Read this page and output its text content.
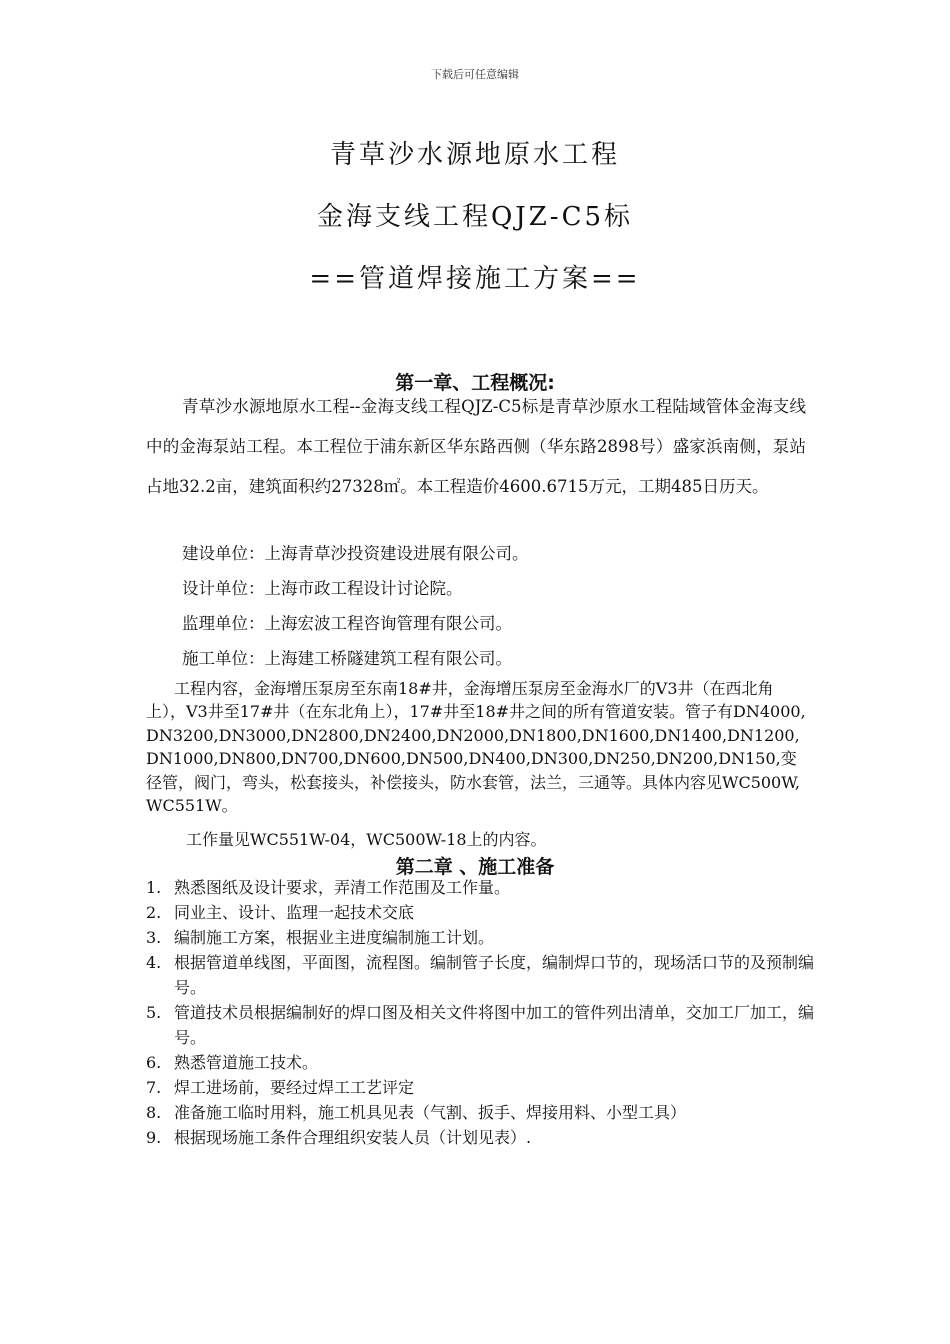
下载后可任意编辑
青草沙水源地原水工程
金海支线工程QJZ-C5标
==管道焊接施工方案==
第一章、工程概况:
青草沙水源地原水工程--金海支线工程QJZ-C5标是青草沙原水工程陆域管体金海支线中的金海泵站工程。本工程位于浦东新区华东路西侧（华东路2898号）盛家浜南侧，泵站占地32.2亩，建筑面积约27328㎡。本工程造价4600.6715万元，工期485日历天。
建设单位：上海青草沙投资建设进展有限公司。
设计单位：上海市政工程设计讨论院。
监理单位：上海宏波工程咨询管理有限公司。
施工单位：上海建工桥隧建筑工程有限公司。
工程内容，金海增压泵房至东南18#井，金海增压泵房至金海水厂的V3井（在西北角上），V3井至17#井（在东北角上），17#井至18#井之间的所有管道安装。管子有DN4000,DN3200,DN3000,DN2800,DN2400,DN2000,DN1800,DN1600,DN1400,DN1200,DN1000,DN800,DN700,DN600,DN500,DN400,DN300,DN250,DN200,DN150,变径管，阀门，弯头，松套接头，补偿接头，防水套管，法兰，三通等。具体内容见WC500W,WC551W。
工作量见WC551W-04，WC500W-18上的内容。
第二章 、施工准备
1. 熟悉图纸及设计要求，弄清工作范围及工作量。
2. 同业主、设计、监理一起技术交底
3. 编制施工方案，根据业主进度编制施工计划。
4. 根据管道单线图，平面图，流程图。编制管子长度，编制焊口节的，现场活口节的及预制编号。
5. 管道技术员根据编制好的焊口图及相关文件将图中加工的管件列出清单，交加工厂加工，编号。
6. 熟悉管道施工技术。
7. 焊工进场前，要经过焊工工艺评定
8. 准备施工临时用料，施工机具见表（气割、扳手、焊接用料、小型工具）
9. 根据现场施工条件合理组织安装人员（计划见表）.
